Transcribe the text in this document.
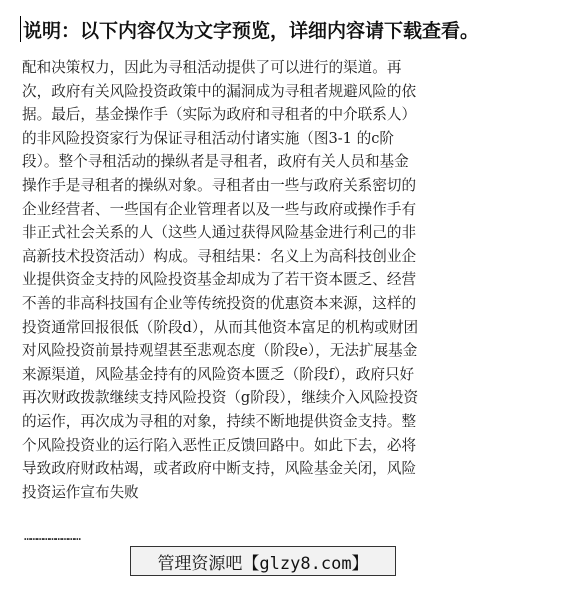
说明：以下内容仅为文字预览，详细内容请下载查看。
配和决策权力，因此为寻租活动提供了可以进行的渠道。再
次，政府有关风险投资政策中的漏洞成为寻租者规避风险的依
据。最后，基金操作手（实际为政府和寻租者的中介联系人）
的非风险投资家行为保证寻租活动付诸实施（图3-1 的c阶
段）。整个寻租活动的操纵者是寻租者，政府有关人员和基金
操作手是寻租者的操纵对象。寻租者由一些与政府关系密切的
企业经营者、一些国有企业管理者以及一些与政府或操作手有
非正式社会关系的人（这些人通过获得风险基金进行利己的非
高新技术投资活动）构成。寻租结果：名义上为高科技创业企
业提供资金支持的风险投资基金却成为了若干资本匮乏、经营
不善的非高科技国有企业等传统投资的优惠资本来源，这样的
投资通常回报很低（阶段d），从而其他资本富足的机构或财团
对风险投资前景持观望甚至悲观态度（阶段e），无法扩展基金
来源渠道，风险基金持有的风险资本匮乏（阶段f），政府只好
再次财政拨款继续支持风险投资（g阶段），继续介入风险投资
的运作，再次成为寻租的对象，持续不断地提供资金支持。整
个风险投资业的运行陷入恶性正反馈回路中。如此下去，必将
导致政府财政枯竭，或者政府中断支持，风险基金关闭，风险
投资运作宣布失败
………………………
管理资源吧【glzy8.com】
